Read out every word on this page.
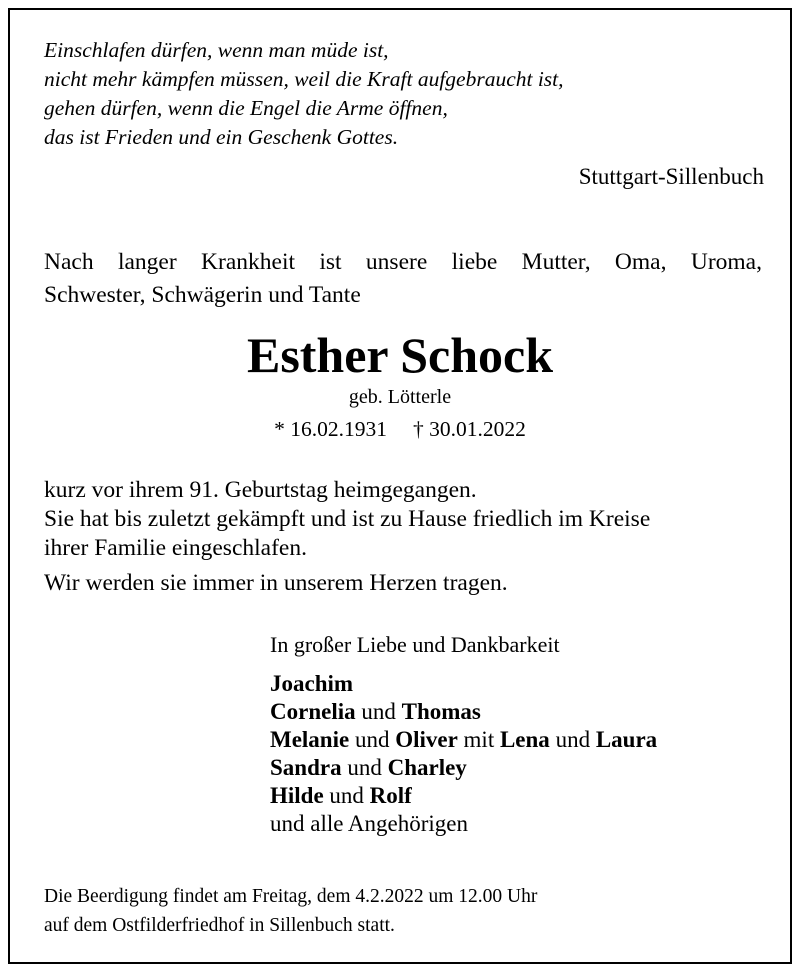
Einschlafen dürfen, wenn man müde ist,
nicht mehr kämpfen müssen, weil die Kraft aufgebraucht ist,
gehen dürfen, wenn die Engel die Arme öffnen,
das ist Frieden und ein Geschenk Gottes.
Stuttgart-Sillenbuch
Nach langer Krankheit ist unsere liebe Mutter, Oma, Uroma,
Schwester, Schwägerin und Tante
Esther Schock
geb. Lötterle
* 16.02.1931 † 30.01.2022
kurz vor ihrem 91. Geburtstag heimgegangen.
Sie hat bis zuletzt gekämpft und ist zu Hause friedlich im Kreise
ihrer Familie eingeschlafen.
Wir werden sie immer in unserem Herzen tragen.
In großer Liebe und Dankbarkeit
Joachim
Cornelia und Thomas
Melanie und Oliver mit Lena und Laura
Sandra und Charley
Hilde und Rolf
und alle Angehörigen
Die Beerdigung findet am Freitag, dem 4.2.2022 um 12.00 Uhr
auf dem Ostfilderfriedhof in Sillenbuch statt.
